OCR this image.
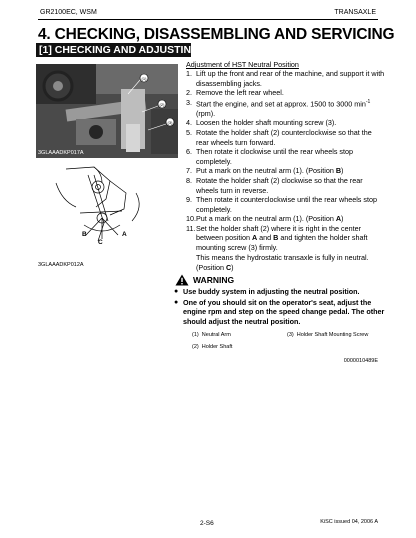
GR2100EC, WSM	TRANSAXLE
4. CHECKING, DISASSEMBLING AND SERVICING
[1] CHECKING AND ADJUSTING
(1)
(2)
(3)
3GLAAADKP017A
B	A
C
3GLAAADKP012A
Adjustment of HST Neutral Position
1. Lift up the front and rear of the machine, and support it with disassembling jacks.
2. Remove the left rear wheel.
3. Start the engine, and set at approx. 1500 to 3000 $\min^{-1} (rpm)$.
4. Loosen the holder shaft mounting screw (3).
5. Rotate the holder shaft (2) counterclockwise so that the rear wheels turn forward.
6. Then rotate it clockwise until the rear wheels stop completely.
7. Put a mark on the neutral arm (1). (Position B)
8. Rotate the holder shaft (2) clockwise so that the rear wheels turn in reverse.
9. Then rotate it counterclockwise until the rear wheels stop completely.
10. Put a mark on the neutral arm (1). (Position A)
11. Set the holder shaft (2) where it is right in the center between position A and B and tighten the holder shaft mounting screw (3) firmly.
WARNING
● Use buddy system in adjusting the neutral position.
● One of you should sit on the operator's seat, adjust the engine rpm and step on the speed change pedal. The other should adjust the neutral position.
(1) Neutral Arm	(3) Holder Shaft Mounting Screw
(2) Holder Shaft
0000010489E
2-S6	KiSC issued 04, 2006 A
This means the hydrostatic transaxle is fully in neutral. (Position C)
